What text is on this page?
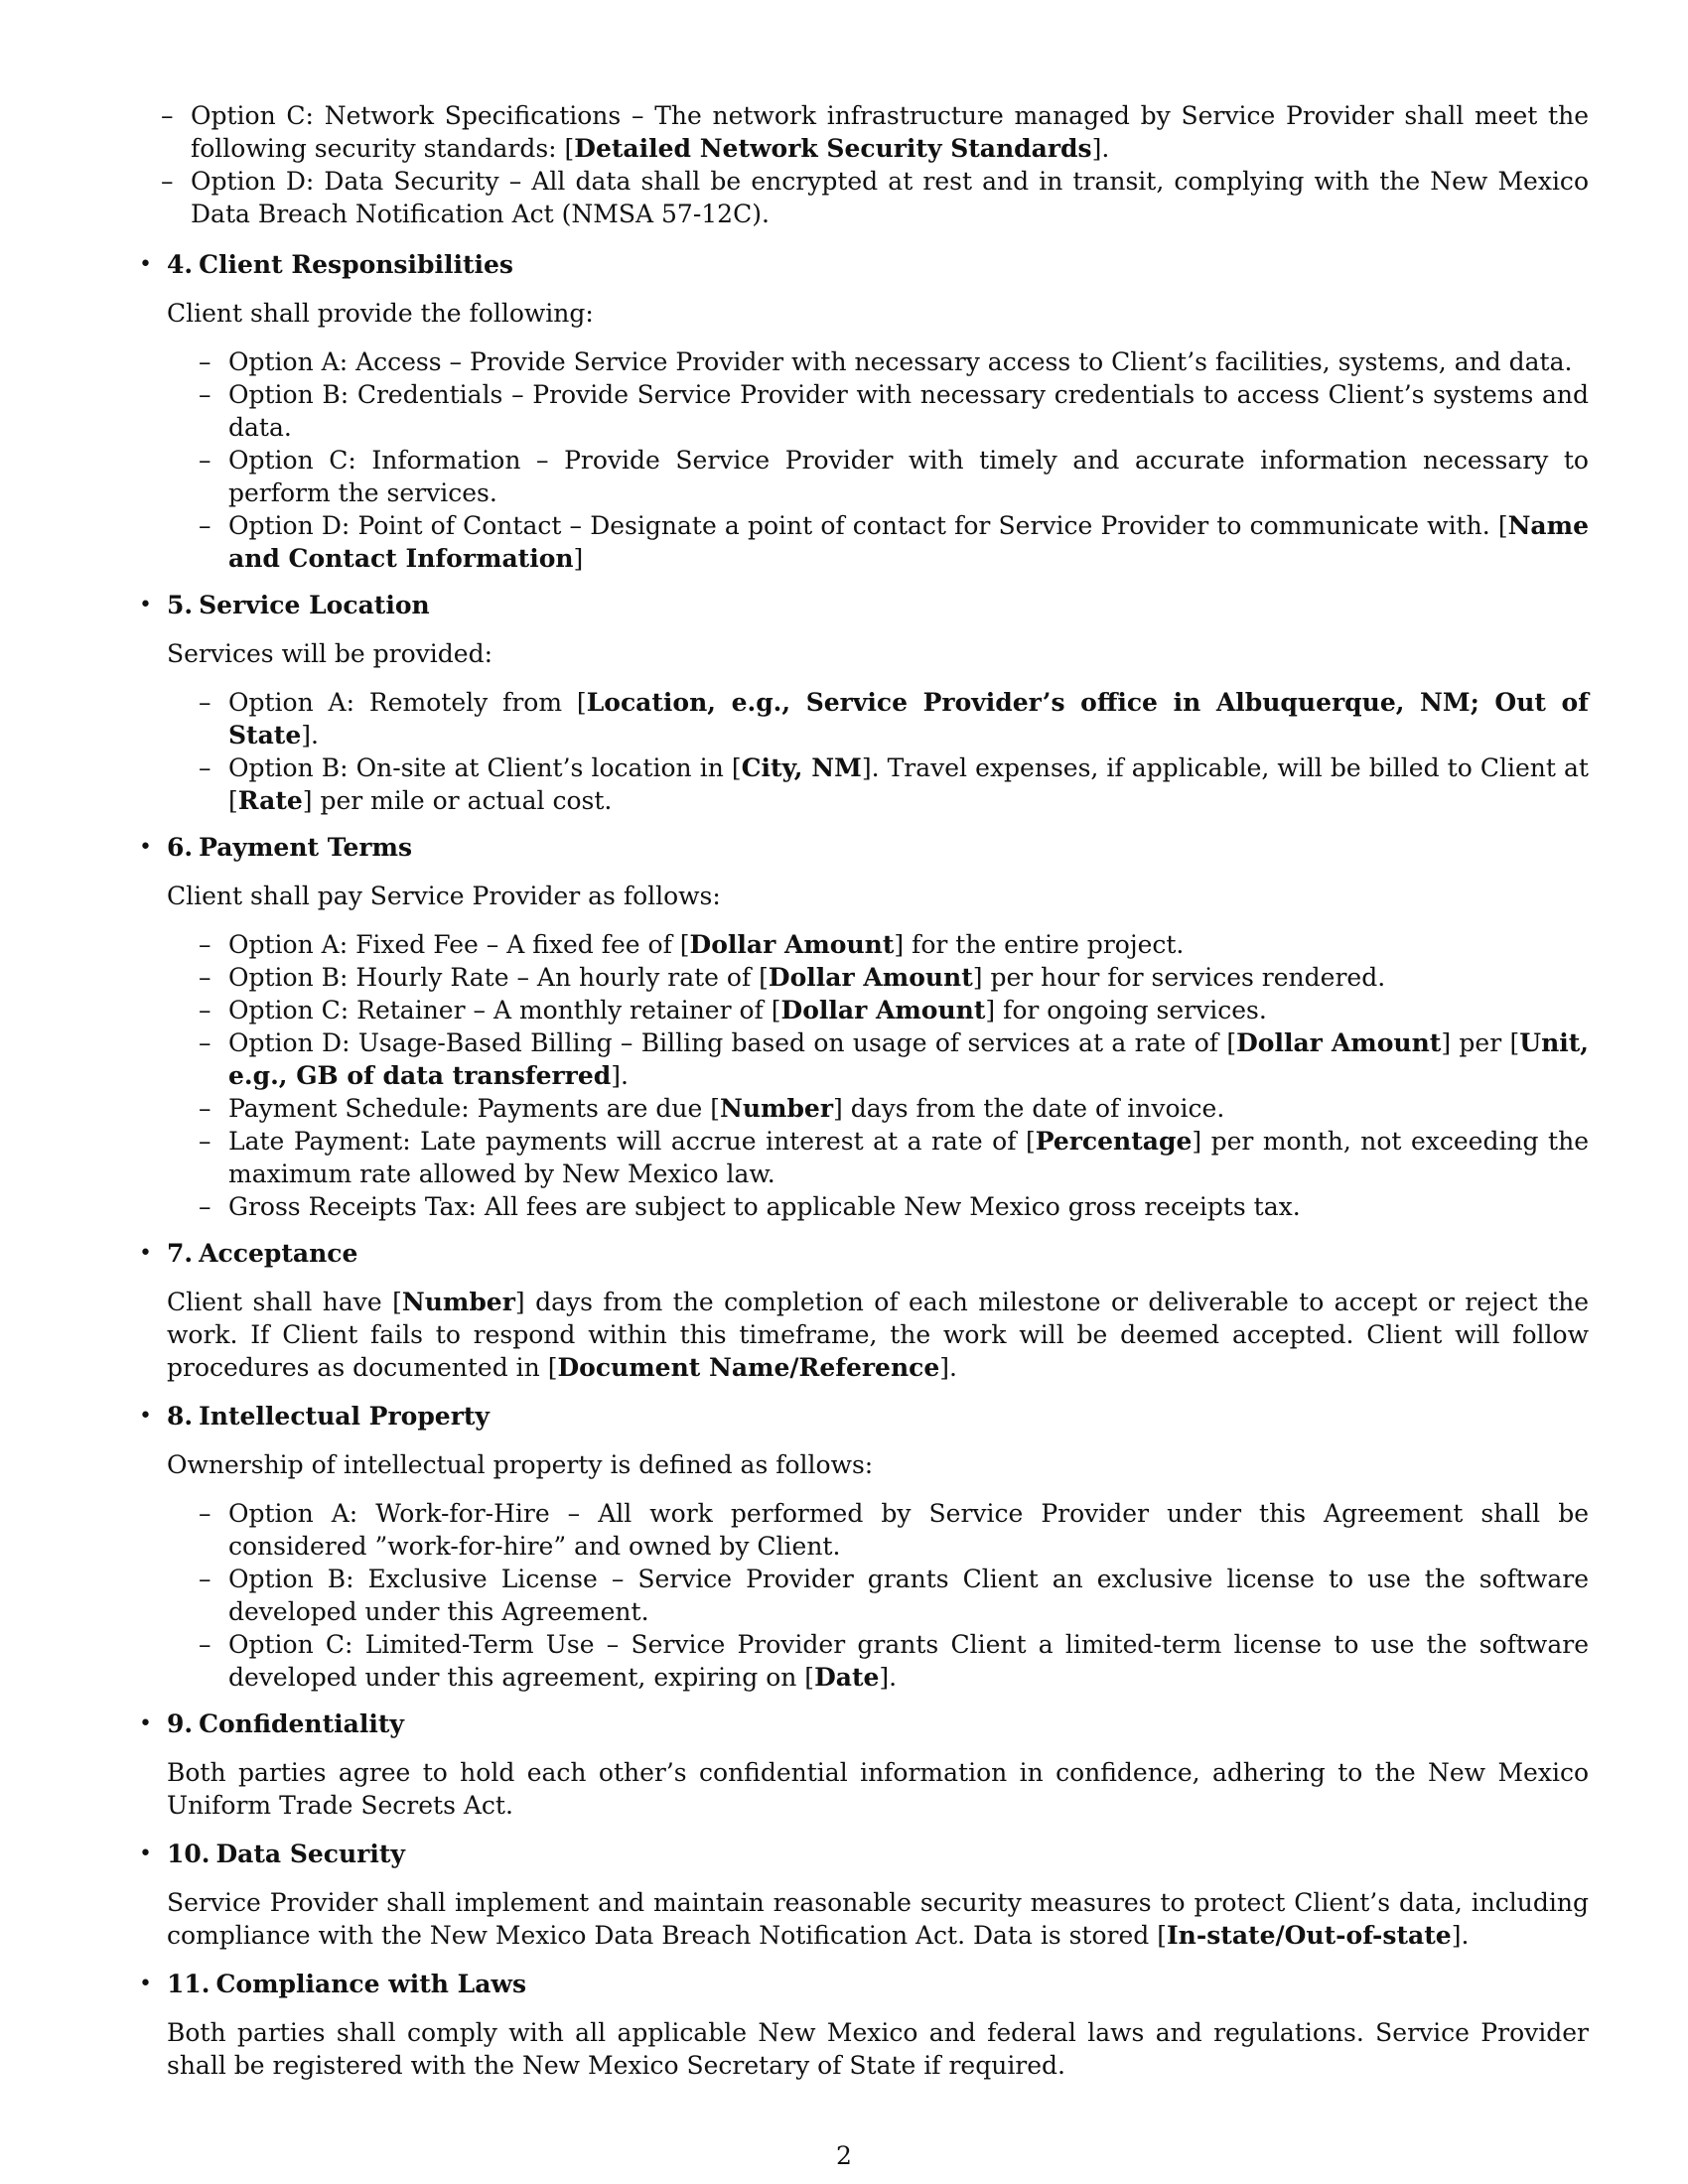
– Option C: Network Specifications – The network infrastructure managed by Service Provider shall meet the following security standards: [Detailed Network Security Standards].
– Option D: Data Security – All data shall be encrypted at rest and in transit, complying with the New Mexico Data Breach Notification Act (NMSA 57-12C).
• 4. Client Responsibilities
Client shall provide the following:
– Option A: Access – Provide Service Provider with necessary access to Client’s facilities, systems, and data.
– Option B: Credentials – Provide Service Provider with necessary credentials to access Client’s systems and data.
– Option C: Information – Provide Service Provider with timely and accurate information necessary to perform the services.
– Option D: Point of Contact – Designate a point of contact for Service Provider to communicate with. [Name and Contact Information]
• 5. Service Location
Services will be provided:
– Option A: Remotely from [Location, e.g., Service Provider’s office in Albuquerque, NM; Out of State].
– Option B: On-site at Client’s location in [City, NM]. Travel expenses, if applicable, will be billed to Client at [Rate] per mile or actual cost.
• 6. Payment Terms
Client shall pay Service Provider as follows:
– Option A: Fixed Fee – A fixed fee of [Dollar Amount] for the entire project.
– Option B: Hourly Rate – An hourly rate of [Dollar Amount] per hour for services rendered.
– Option C: Retainer – A monthly retainer of [Dollar Amount] for ongoing services.
– Option D: Usage-Based Billing – Billing based on usage of services at a rate of [Dollar Amount] per [Unit, e.g., GB of data transferred].
– Payment Schedule: Payments are due [Number] days from the date of invoice.
– Late Payment: Late payments will accrue interest at a rate of [Percentage] per month, not exceeding the maximum rate allowed by New Mexico law.
– Gross Receipts Tax: All fees are subject to applicable New Mexico gross receipts tax.
• 7. Acceptance
Client shall have [Number] days from the completion of each milestone or deliverable to accept or reject the work. If Client fails to respond within this timeframe, the work will be deemed accepted. Client will follow procedures as documented in [Document Name/Reference].
• 8. Intellectual Property
Ownership of intellectual property is defined as follows:
– Option A: Work-for-Hire – All work performed by Service Provider under this Agreement shall be considered ”work-for-hire” and owned by Client.
– Option B: Exclusive License – Service Provider grants Client an exclusive license to use the software developed under this Agreement.
– Option C: Limited-Term Use – Service Provider grants Client a limited-term license to use the software developed under this agreement, expiring on [Date].
• 9. Confidentiality
Both parties agree to hold each other’s confidential information in confidence, adhering to the New Mexico Uniform Trade Secrets Act.
• 10. Data Security
Service Provider shall implement and maintain reasonable security measures to protect Client’s data, including compliance with the New Mexico Data Breach Notification Act. Data is stored [In-state/Out-of-state].
• 11. Compliance with Laws
Both parties shall comply with all applicable New Mexico and federal laws and regulations. Service Provider shall be registered with the New Mexico Secretary of State if required.
2
